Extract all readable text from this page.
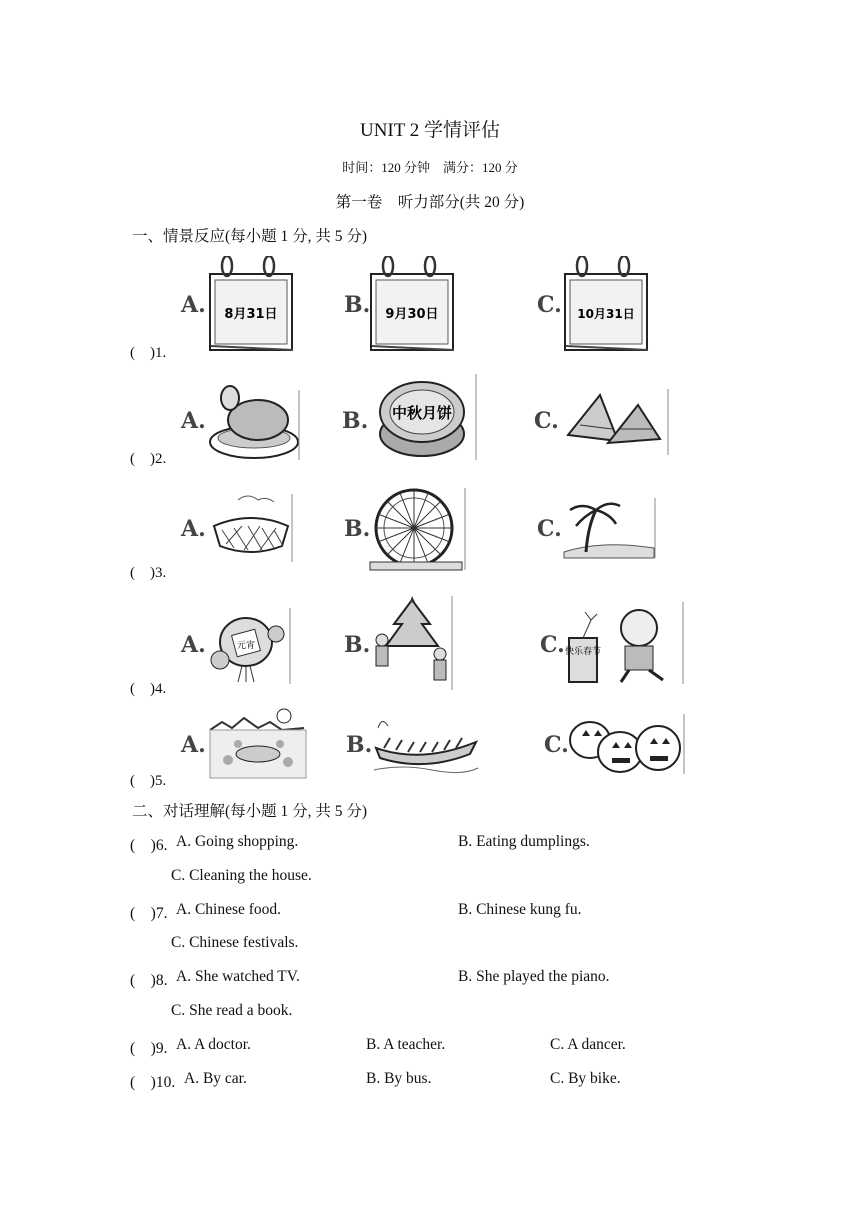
UNIT 2 学情评估
时间：120 分钟　满分：120 分
第一卷　听力部分(共 20 分)
一、情景反应(每小题 1 分, 共 5 分)
A. 8月31日	B. 9月30日	C. 10月31日
(　)1.
A.	B. 中秋月饼	C.
(　)2.
A.	B.	C.
(　)3.
A.	元宵	B.	C. 快乐春节
(　)4.
A.	B.	C.
(　)5.
二、对话理解(每小题 1 分, 共 5 分)
(　)6. A. Going shopping.	B. Eating dumplings.
C. Cleaning the house.
(　)7. A. Chinese food.	B. Chinese kung fu.
C. Chinese festivals.
(　)8. A. She watched TV.	B. She played the piano.
C. She read a book.
(　)9. A. A doctor.	B. A teacher.	C. A dancer.
(　)10. A. By car.	B. By bus.	C. By bike.
